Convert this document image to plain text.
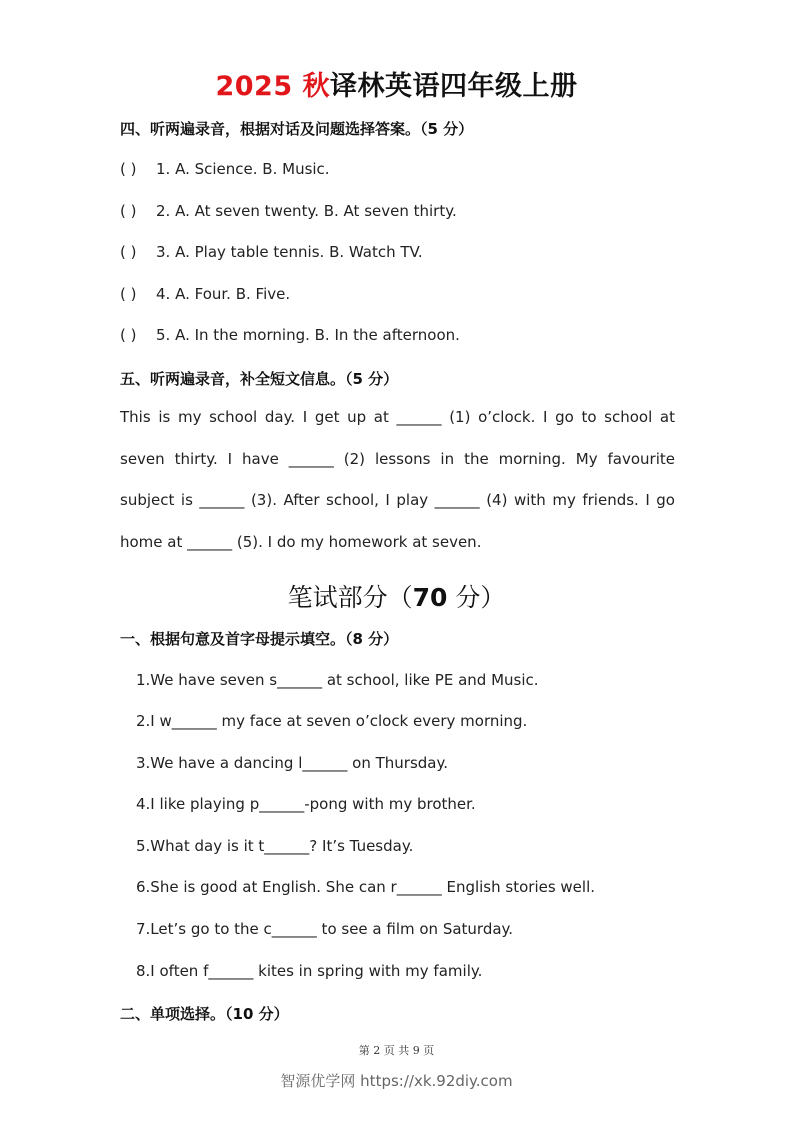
2025 秋译林英语四年级上册
四、听两遍录音，根据对话及问题选择答案。（5 分）
( ) 1. A. Science. B. Music.
( ) 2. A. At seven twenty. B. At seven thirty.
( ) 3. A. Play table tennis. B. Watch TV.
( ) 4. A. Four. B. Five.
( ) 5. A. In the morning. B. In the afternoon.
五、听两遍录音，补全短文信息。（5 分）
This is my school day. I get up at ______ (1) o’clock. I go to school at seven thirty. I have ______ (2) lessons in the morning. My favourite subject is ______ (3). After school, I play ______ (4) with my friends. I go home at ______ (5). I do my homework at seven.
笔试部分（70 分）
一、根据句意及首字母提示填空。（8 分）
1.We have seven s______ at school, like PE and Music.
2.I w______ my face at seven o’clock every morning.
3.We have a dancing l______ on Thursday.
4.I like playing p______-pong with my brother.
5.What day is it t______? It’s Tuesday.
6.She is good at English. She can r______ English stories well.
7.Let’s go to the c______ to see a film on Saturday.
8.I often f______ kites in spring with my family.
二、单项选择。（10 分）
第 2 页 共 9 页
智源优学网 https://xk.92diy.com
